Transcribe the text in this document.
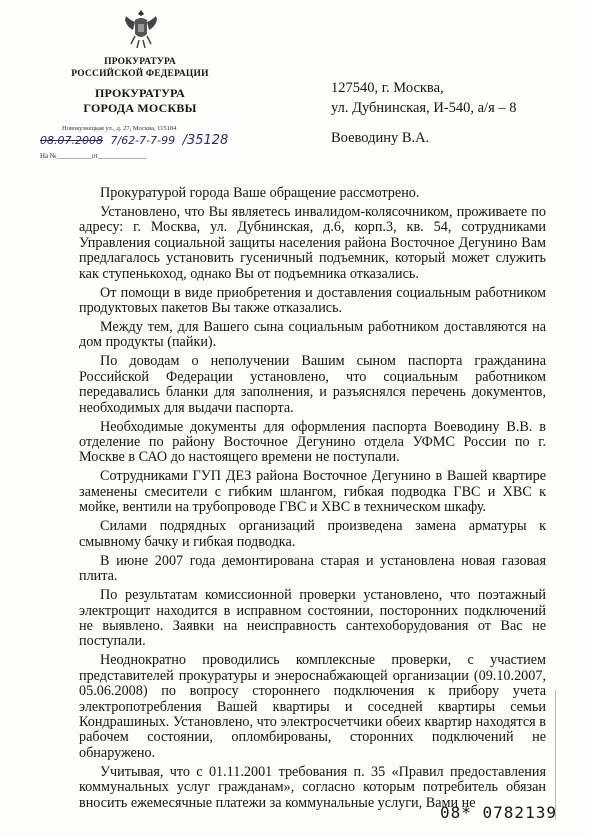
ПРОКУРАТУРА
РОССИЙСКОЙ ФЕДЕРАЦИИ
ПРОКУРАТУРА
ГОРОДА МОСКВЫ
Новокузнецкая ул., д. 27, Москва, 115184
08.07.2008 7/62-7-7-99 /35128
На №__________от______________
127540, г. Москва,
ул. Дубнинская, И-540, а/я – 8
Воеводину В.А.

Прокуратурой города Ваше обращение рассмотрено.

Установлено, что Вы являетесь инвалидом-колясочником, проживаете по адресу: г. Москва, ул. Дубнинская, д.6, корп.3, кв. 54, сотрудниками Управления социальной защиты населения района Восточное Дегунино Вам предлагалось установить гусеничный подъемник, который может служить как ступенькоход, однако Вы от подъемника отказались.

От помощи в виде приобретения и доставления социальным работником продуктовых пакетов Вы также отказались.

Между тем, для Вашего сына социальным работником доставляются на дом продукты (пайки).

По доводам о неполучении Вашим сыном паспорта гражданина Российской Федерации установлено, что социальным работником передавались бланки для заполнения, и разъяснялся перечень документов, необходимых для выдачи паспорта.

Необходимые документы для оформления паспорта Воеводину В.В. в отделение по району Восточное Дегунино отдела УФМС России по г. Москве в САО до настоящего времени не поступали.

Сотрудниками ГУП ДЕЗ района Восточное Дегунино в Вашей квартире заменены смесители с гибким шлангом, гибкая подводка ГВС и ХВС к мойке, вентили на трубопроводе ГВС и ХВС в техническом шкафу.

Силами подрядных организаций произведена замена арматуры к смывному бачку и гибкая подводка.

В июне 2007 года демонтирована старая и установлена новая газовая плита.

По результатам комиссионной проверки установлено, что поэтажный электрощит находится в исправном состоянии, посторонних подключений не выявлено. Заявки на неисправность сантехоборудования от Вас не поступали.

Неоднократно проводились комплексные проверки, с участием представителей прокуратуры и энероснабжающей организации (09.10.2007, 05.06.2008) по вопросу стороннего подключения к прибору учета электропотребления Вашей квартиры и соседней квартиры семьи Кондрашиных. Установлено, что электросчетчики обеих квартир находятся в рабочем состоянии, опломбированы, сторонних подключений не обнаружено.

Учитывая, что с 01.11.2001 требования п. 35 «Правил предоставления коммунальных услуг гражданам», согласно которым потребитель обязан вносить ежемесячные платежи за коммунальные услуги, Вами не

08* 0782139
